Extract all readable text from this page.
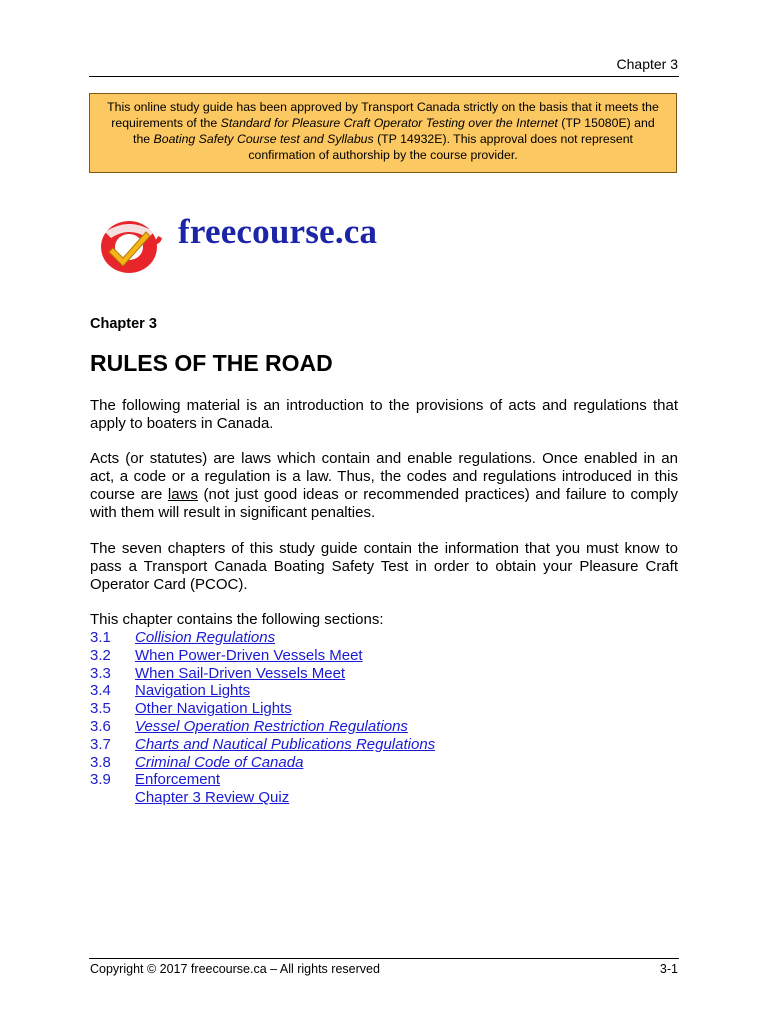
Chapter 3
This online study guide has been approved by Transport Canada strictly on the basis that it meets the
requirements of the Standard for Pleasure Craft Operator Testing over the Internet (TP 15080E) and
the Boating Safety Course test and Syllabus (TP 14932E). This approval does not represent
confirmation of authorship by the course provider.
freecourse.ca
Chapter 3
RULES OF THE ROAD

The following material is an introduction to the provisions of acts and regulations that
apply to boaters in Canada.

Acts (or statutes) are laws which contain and enable regulations. Once enabled in an
act, a code or a regulation is a law. Thus, the codes and regulations introduced in this
course are laws (not just good ideas or recommended practices) and failure to comply
with them will result in significant penalties.

The seven chapters of this study guide contain the information that you must know to
pass a Transport Canada Boating Safety Test in order to obtain your Pleasure Craft
Operator Card (PCOC).

This chapter contains the following sections:
3.1	Collision Regulations
3.2	When Power-Driven Vessels Meet
3.3	When Sail-Driven Vessels Meet
3.4	Navigation Lights
3.5	Other Navigation Lights
3.6	Vessel Operation Restriction Regulations
3.7	Charts and Nautical Publications Regulations
3.8	Criminal Code of Canada
3.9	Enforcement
Chapter 3 Review Quiz
Copyright © 2017 freecourse.ca – All rights reserved	3-1
